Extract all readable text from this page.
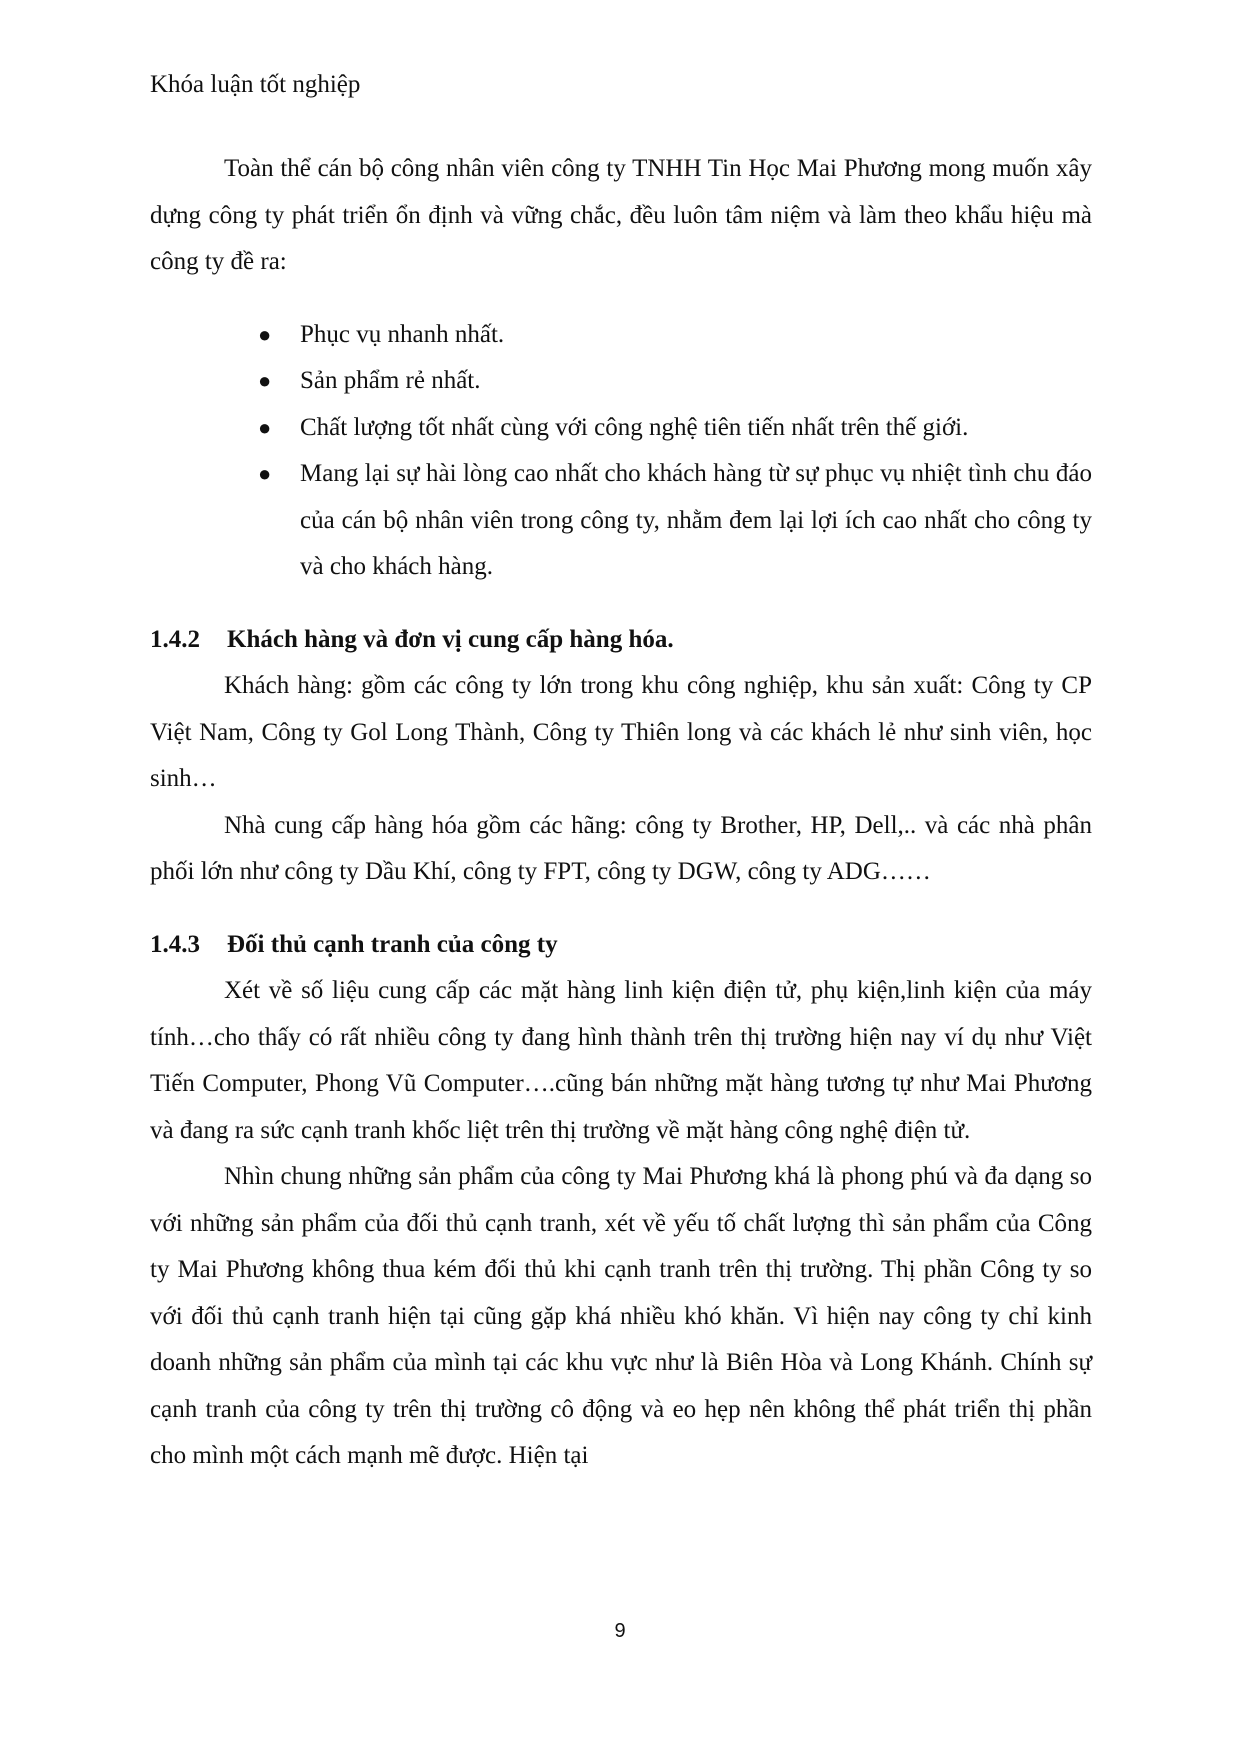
Khóa luận tốt nghiệp

Toàn thể cán bộ công nhân viên công ty TNHH Tin Học Mai Phương mong muốn xây dựng công ty phát triển ổn định và vững chắc, đều luôn tâm niệm và làm theo khẩu hiệu mà công ty đề ra:

● Phục vụ nhanh nhất.
● Sản phẩm rẻ nhất.
● Chất lượng tốt nhất cùng với công nghệ tiên tiến nhất trên thế giới.
● Mang lại sự hài lòng cao nhất cho khách hàng từ sự phục vụ nhiệt tình chu đáo của cán bộ nhân viên trong công ty, nhằm đem lại lợi ích cao nhất cho công ty và cho khách hàng.
1.4.2 Khách hàng và đơn vị cung cấp hàng hóa.

Khách hàng: gồm các công ty lớn trong khu công nghiệp, khu sản xuất: Công ty CP Việt Nam, Công ty Gol Long Thành, Công ty Thiên long và các khách lẻ như sinh viên, học sinh…

Nhà cung cấp hàng hóa gồm các hãng: công ty Brother, HP, Dell,.. và các nhà phân phối lớn như công ty Dầu Khí, công ty FPT, công ty DGW, công ty ADG……

1.4.3 Đối thủ cạnh tranh của công ty

Xét về số liệu cung cấp các mặt hàng linh kiện điện tử, phụ kiện,linh kiện của máy tính…cho thấy có rất nhiều công ty đang hình thành trên thị trường hiện nay ví dụ như Việt Tiến Computer, Phong Vũ Computer….cũng bán những mặt hàng tương tự như Mai Phương và đang ra sức cạnh tranh khốc liệt trên thị trường về mặt hàng công nghệ điện tử.

Nhìn chung những sản phẩm của công ty Mai Phương khá là phong phú và đa dạng so với những sản phẩm của đối thủ cạnh tranh, xét về yếu tố chất lượng thì sản phẩm của Công ty Mai Phương không thua kém đối thủ khi cạnh tranh trên thị trường. Thị phần Công ty so với đối thủ cạnh tranh hiện tại cũng gặp khá nhiều khó khăn. Vì hiện nay công ty chỉ kinh doanh những sản phẩm của mình tại các khu vực như là Biên Hòa và Long Khánh. Chính sự cạnh tranh của công ty trên thị trường cô động và eo hẹp nên không thể phát triển thị phần cho mình một cách mạnh mẽ được. Hiện tại

9
